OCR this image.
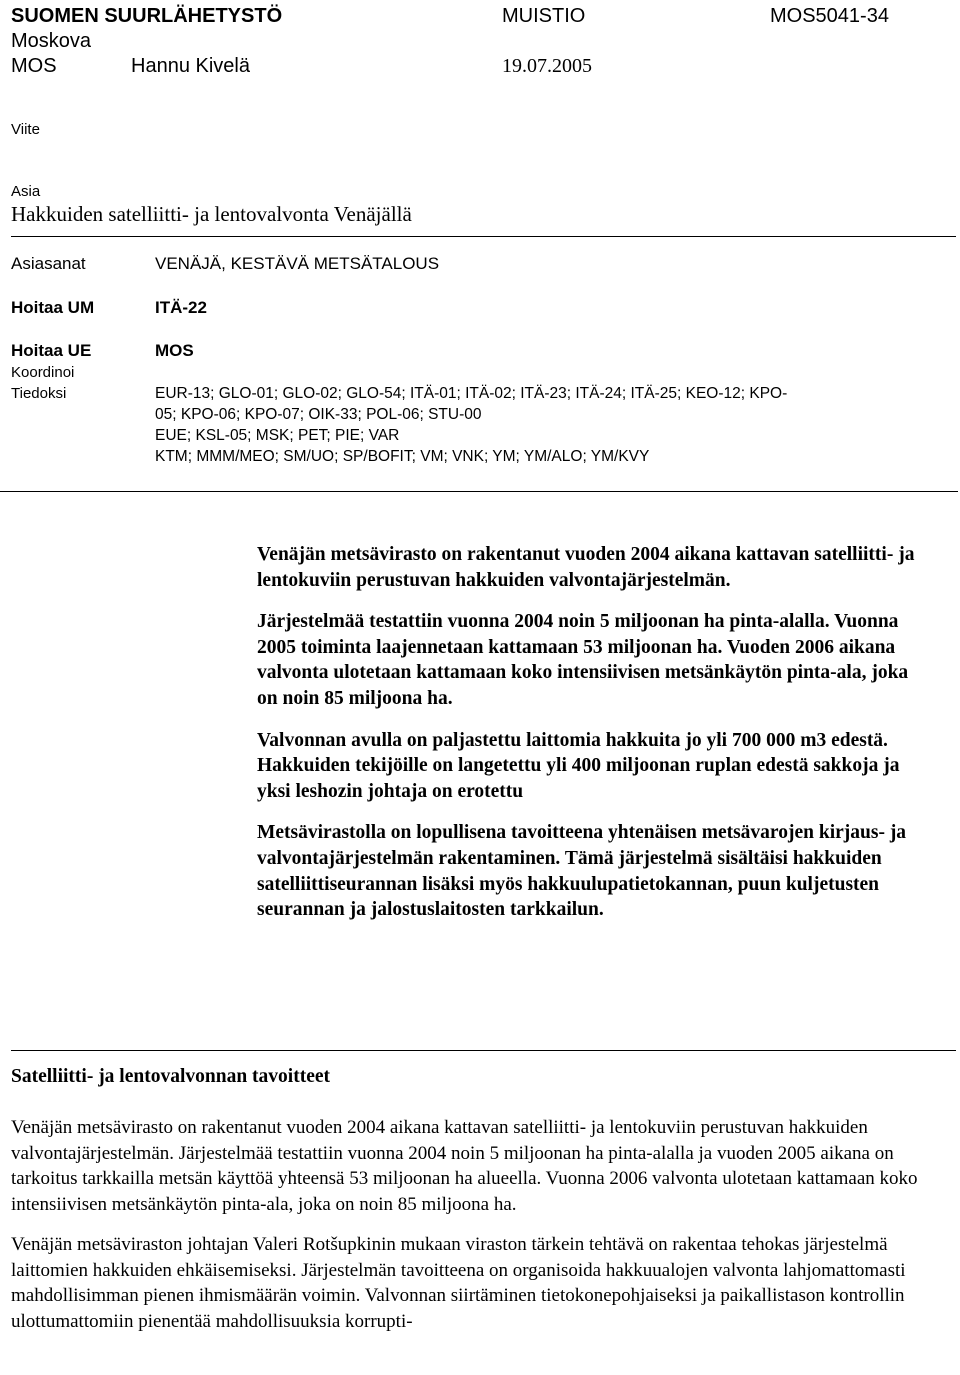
SUOMEN SUURLÄHETYSTÖ	MUISTIO	MOS5041-34
Moskova
MOS	Hannu Kivelä	19.07.2005
Viite
Asia
Hakkuiden satelliitti- ja lentovalvonta Venäjällä
Asiasanat	VENÄJÄ, KESTÄVÄ METSÄTALOUS
Hoitaa UM	ITÄ-22
Hoitaa UE	MOS
Koordinoi
Tiedoksi	EUR-13; GLO-01; GLO-02; GLO-54; ITÄ-01; ITÄ-02; ITÄ-23; ITÄ-24; ITÄ-25; KEO-12; KPO-
05; KPO-06; KPO-07; OIK-33; POL-06; STU-00
EUE; KSL-05; MSK; PET; PIE; VAR
KTM; MMM/MEO; SM/UO; SP/BOFIT; VM; VNK; YM; YM/ALO; YM/KVY

Venäjän metsävirasto on rakentanut vuoden 2004 aikana kattavan satelliitti- ja lentokuviin perustuvan hakkuiden valvontajärjestelmän.

Järjestelmää testattiin vuonna 2004 noin 5 miljoonan ha pinta-alalla. Vuonna 2005 toiminta laajennetaan kattamaan 53 miljoonan ha. Vuoden 2006 aikana valvonta ulotetaan kattamaan koko intensiivisen metsänkäytön pinta-ala, joka on noin 85 miljoona ha.

Valvonnan avulla on paljastettu laittomia hakkuita jo yli 700 000 m3 edestä. Hakkuiden tekijöille on langetettu yli 400 miljoonan ruplan edestä sakkoja ja yksi leshozin johtaja on erotettu

Metsävirastolla on lopullisena tavoitteena yhtenäisen metsävarojen kirjaus- ja valvontajärjestelmän rakentaminen. Tämä järjestelmä sisältäisi hakkuiden satelliittiseurannan lisäksi myös hakkuulupatietokannan, puun kuljetusten seurannan ja jalostuslaitosten tarkkailun.

Satelliitti- ja lentovalvonnan tavoitteet

Venäjän metsävirasto on rakentanut vuoden 2004 aikana kattavan satelliitti- ja lentokuviin perustuvan hakkuiden valvontajärjestelmän. Järjestelmää testattiin vuonna 2004 noin 5 miljoonan ha pinta-alalla ja vuoden 2005 aikana on tarkoitus tarkkailla metsän käyttöä yhteensä 53 miljoonan ha alueella. Vuonna 2006 valvonta ulotetaan kattamaan koko intensiivisen metsänkäytön pinta-ala, joka on noin 85 miljoona ha.

Venäjän metsäviraston johtajan Valeri Rotšupkinin mukaan viraston tärkein tehtävä on rakentaa tehokas järjestelmä laittomien hakkuiden ehkäisemiseksi. Järjestelmän tavoitteena on organisoida hakkuualojen valvonta lahjomattomasti mahdollisimman pienen ihmismäärän voimin. Valvonnan siirtäminen tietokonepohjaiseksi ja paikallistason kontrollin ulottumattomiin pienentää mahdollisuuksia korrupti-
